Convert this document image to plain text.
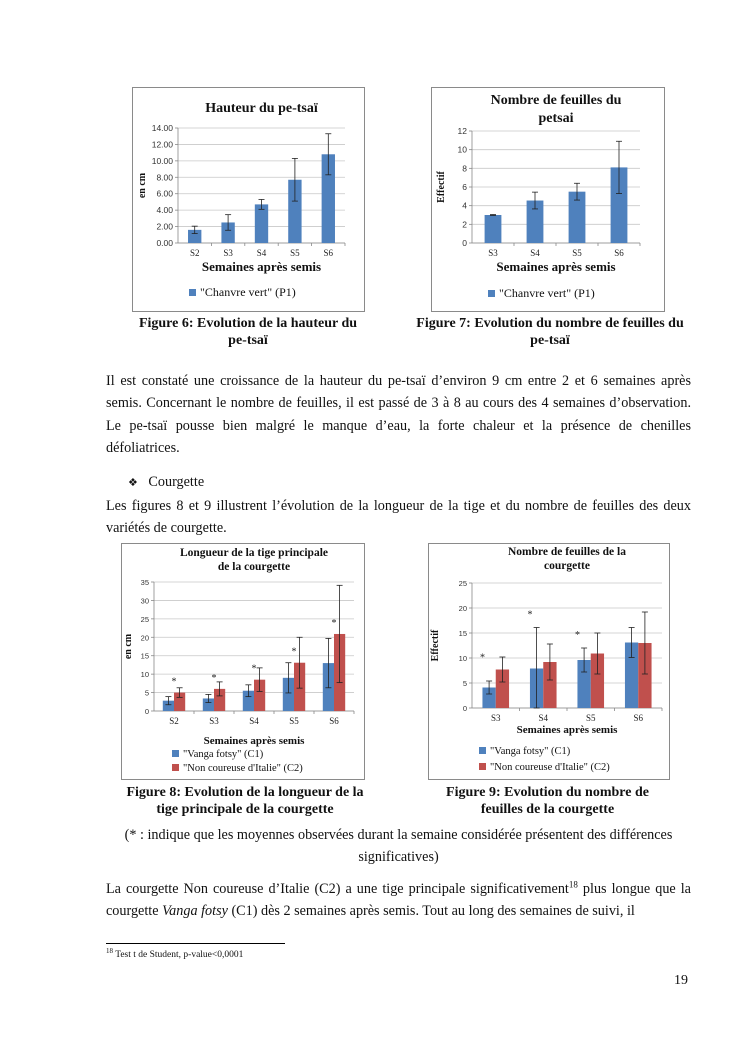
Hauteur du pe-tsaï
0.00
2.00
4.00
6.00
8.00
10.00
12.00
14.00
S2	S3	S4	S5	S6
Semaines après semis
en cm
"Chanvre vert" (P1)
Figure 6: Evolution de la hauteur du
pe-tsaï
Nombre de feuilles du
petsai
0
2
4
6
8
10
12
S3	S4	S5	S6
Semaines après semis
Effectif
"Chanvre vert" (P1)
Figure 7: Evolution du nombre de feuilles du
pe-tsaï
Il est constaté une croissance de la hauteur du pe-tsaï d’environ 9 cm entre 2 et 6 semaines après semis. Concernant le nombre de feuilles, il est passé de 3 à 8 au cours des 4 semaines d’observation. Le pe-tsaï pousse bien malgré le manque d’eau, la forte chaleur et la présence de chenilles défoliatrices.
❖ Courgette
Les figures 8 et 9 illustrent l’évolution de la longueur de la tige et du nombre de feuilles des deux variétés de courgette.
Longueur de la tige principale
de la courgette
0
5
10
15
20
25
30
35
S2
*
S3
*
S4
*
S5
*
S6
*
Semaines après semis
en cm
"Vanga fotsy" (C1)
"Non coureuse d'Italie" (C2)
Figure 8: Evolution de la longueur de la
tige principale de la courgette
Nombre de feuilles de la
courgette
0
5
10
15
20
25
S3
*
S4
*
S5
*
S6
Semaines après semis
Effectif
"Vanga fotsy" (C1)
"Non coureuse d'Italie" (C2)
Figure 9: Evolution du nombre de
feuilles de la courgette
(* : indique que les moyennes observées durant la semaine considérée présentent des différences significatives)
La courgette Non coureuse d’Italie (C2) a une tige principale significativement$^{18}$ plus longue que la courgette Vanga fotsy (C1) dès 2 semaines après semis. Tout au long des semaines de suivi, il
$^{18}$ Test t de Student, p-value<0,0001
19
